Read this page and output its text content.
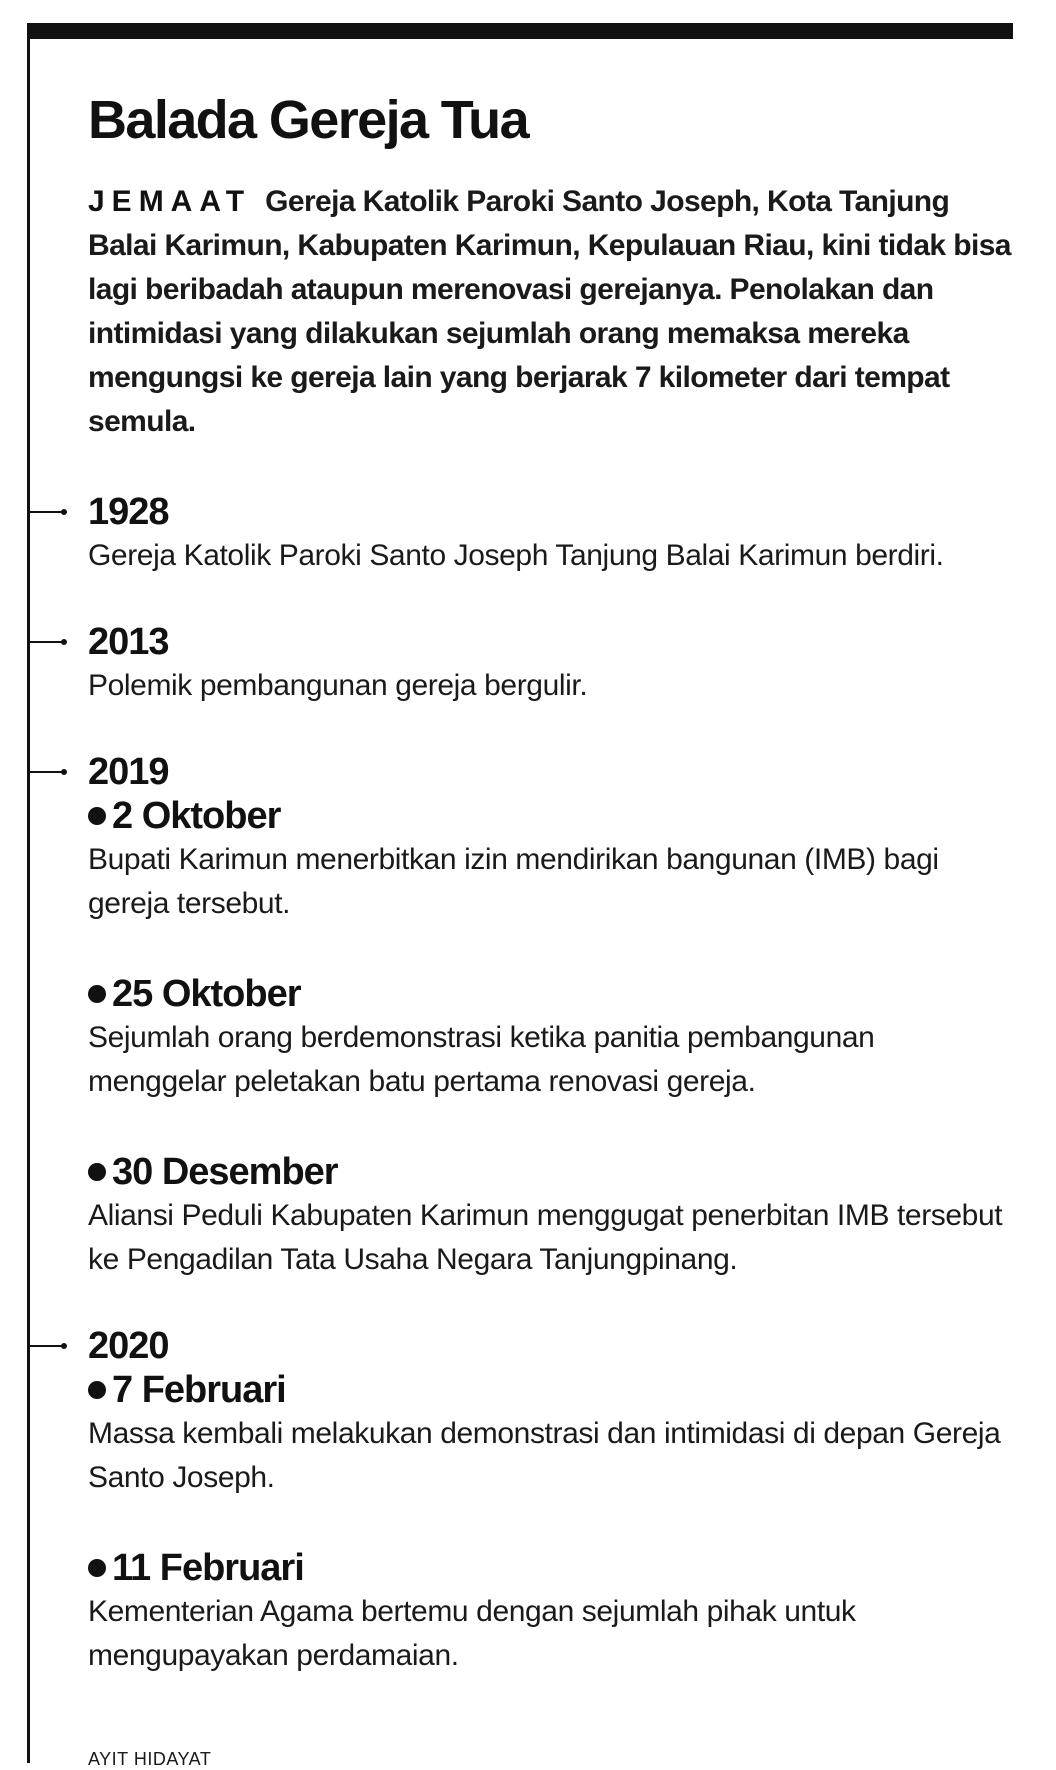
Balada Gereja Tua

JEMAAT Gereja Katolik Paroki Santo Joseph, Kota Tanjung Balai Karimun, Kabupaten Karimun, Kepulauan Riau, kini tidak bisa lagi beribadah ataupun merenovasi gerejanya. Penolakan dan intimidasi yang dilakukan sejumlah orang memaksa mereka mengungsi ke gereja lain yang berjarak 7 kilometer dari tempat semula.

1928
Gereja Katolik Paroki Santo Joseph Tanjung Balai Karimun berdiri.
2013
Polemik pembangunan gereja bergulir.
2019
2 Oktober
Bupati Karimun menerbitkan izin mendirikan bangunan (IMB) bagi gereja tersebut.
25 Oktober
Sejumlah orang berdemonstrasi ketika panitia pembangunan menggelar peletakan batu pertama renovasi gereja.
30 Desember
Aliansi Peduli Kabupaten Karimun menggugat penerbitan IMB tersebut ke Pengadilan Tata Usaha Negara Tanjungpinang.
2020
7 Februari
Massa kembali melakukan demonstrasi dan intimidasi di depan Gereja Santo Joseph.
11 Februari
Kementerian Agama bertemu dengan sejumlah pihak untuk mengupayakan perdamaian.
AYIT HIDAYAT
